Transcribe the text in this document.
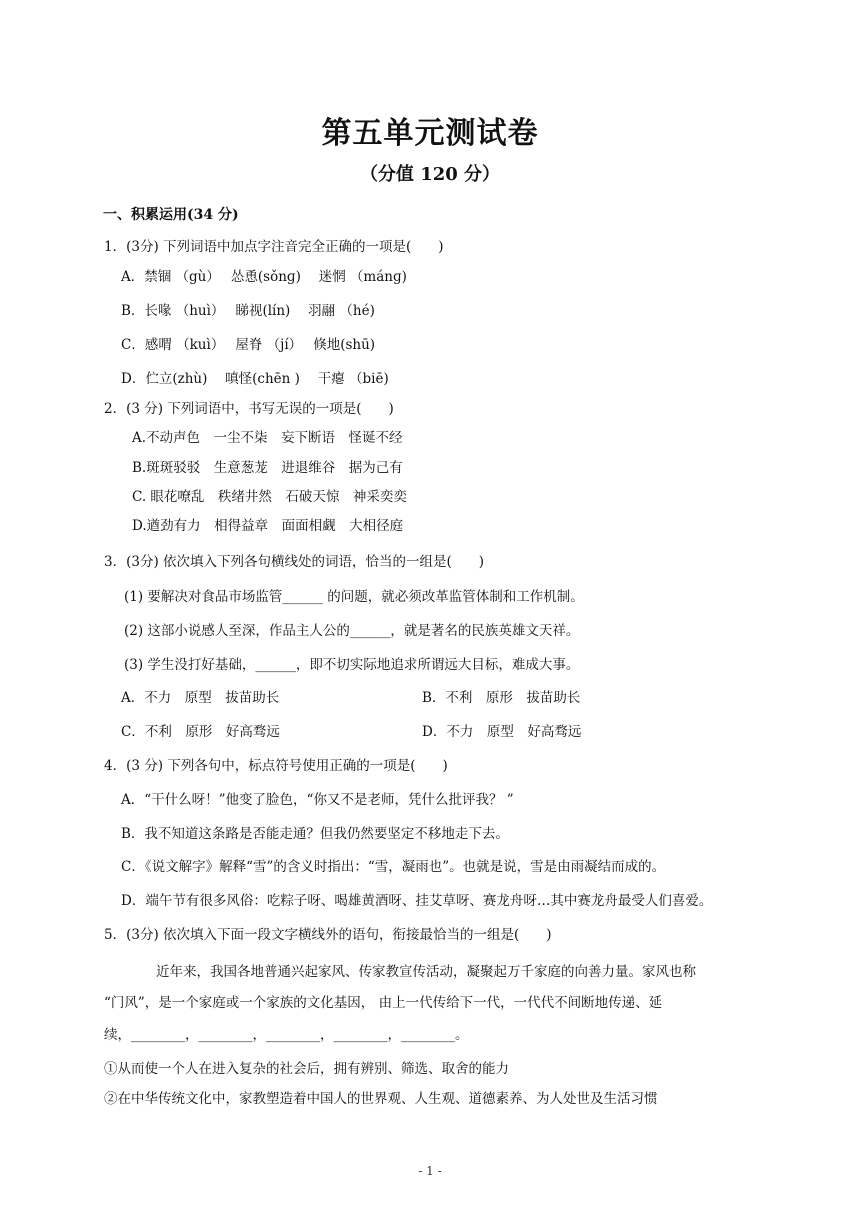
第五单元测试卷
（分值 120 分）
一、积累运用(34 分)
1．(3分) 下列词语中加点字注音完全正确的一项是(　　)
A．禁锢 （gù）　 怂恿(sǒnɡ)　 迷惘 （mánɡ)
B．长喙 （huì）　 睇视(lín)　 羽翮 （hé)
C．感喟 （kuì）　 屋脊 （jí）　 倏地(shū)
D．伫立(zhù)　 嗔怪(chēn )　 干瘪 （biē)
2．(3 分) 下列词语中，书写无误的一项是(　　)
A.不动声色　一尘不柒　妄下断语　怪诞不经
B.斑斑驳驳　生意葱茏　进退维谷　据为己有
C. 眼花嘹乱　秩绪井然　石破天惊　神采奕奕
D.遒劲有力　相得益章　面面相觑　大相径庭
3．(3分) 依次填入下列各句横线处的词语，恰当的一组是(　　)
(1) 要解决对食品市场监管______ 的问题，就必须改革监管体制和工作机制。
(2) 这部小说感人至深，作品主人公的______，就是著名的民族英雄文天祥。
(3) 学生没打好基础，______，即不切实际地追求所谓远大目标，难成大事。
A．不力　原型　拔苗助长	B．不利　原形　拔苗助长
C．不利　原形　好高骛远	D．不力　原型　好高骛远
4．(3 分) 下列各句中，标点符号使用正确的一项是(　　)
A．“干什么呀！”他变了脸色，“你又不是老师，凭什么批评我？ ”
B．我不知道这条路是否能走通？但我仍然要坚定不移地走下去。
C．《说文解字》解释“雪”的含义时指出：“雪，凝雨也”。也就是说，雪是由雨凝结而成的。
D．端午节有很多风俗：吃粽子呀、喝雄黄酒呀、挂艾草呀、赛龙舟呀…其中赛龙舟最受人们喜爱。
5．(3分) 依次填入下面一段文字横线外的语句，衔接最恰当的一组是(　　)
近年来，我国各地普通兴起家风、传家教宣传活动，凝聚起万千家庭的向善力量。家风也称
“门风”，是一个家庭或一个家族的文化基因， 由上一代传给下一代，一代代不间断地传递、延
续，________，________，________，________，________。
①从而使一个人在进入复杂的社会后，拥有辨别、筛选、取舍的能力
②在中华传统文化中，家教塑造着中国人的世界观、人生观、道德素养、为人处世及生活习惯
- 1 -
